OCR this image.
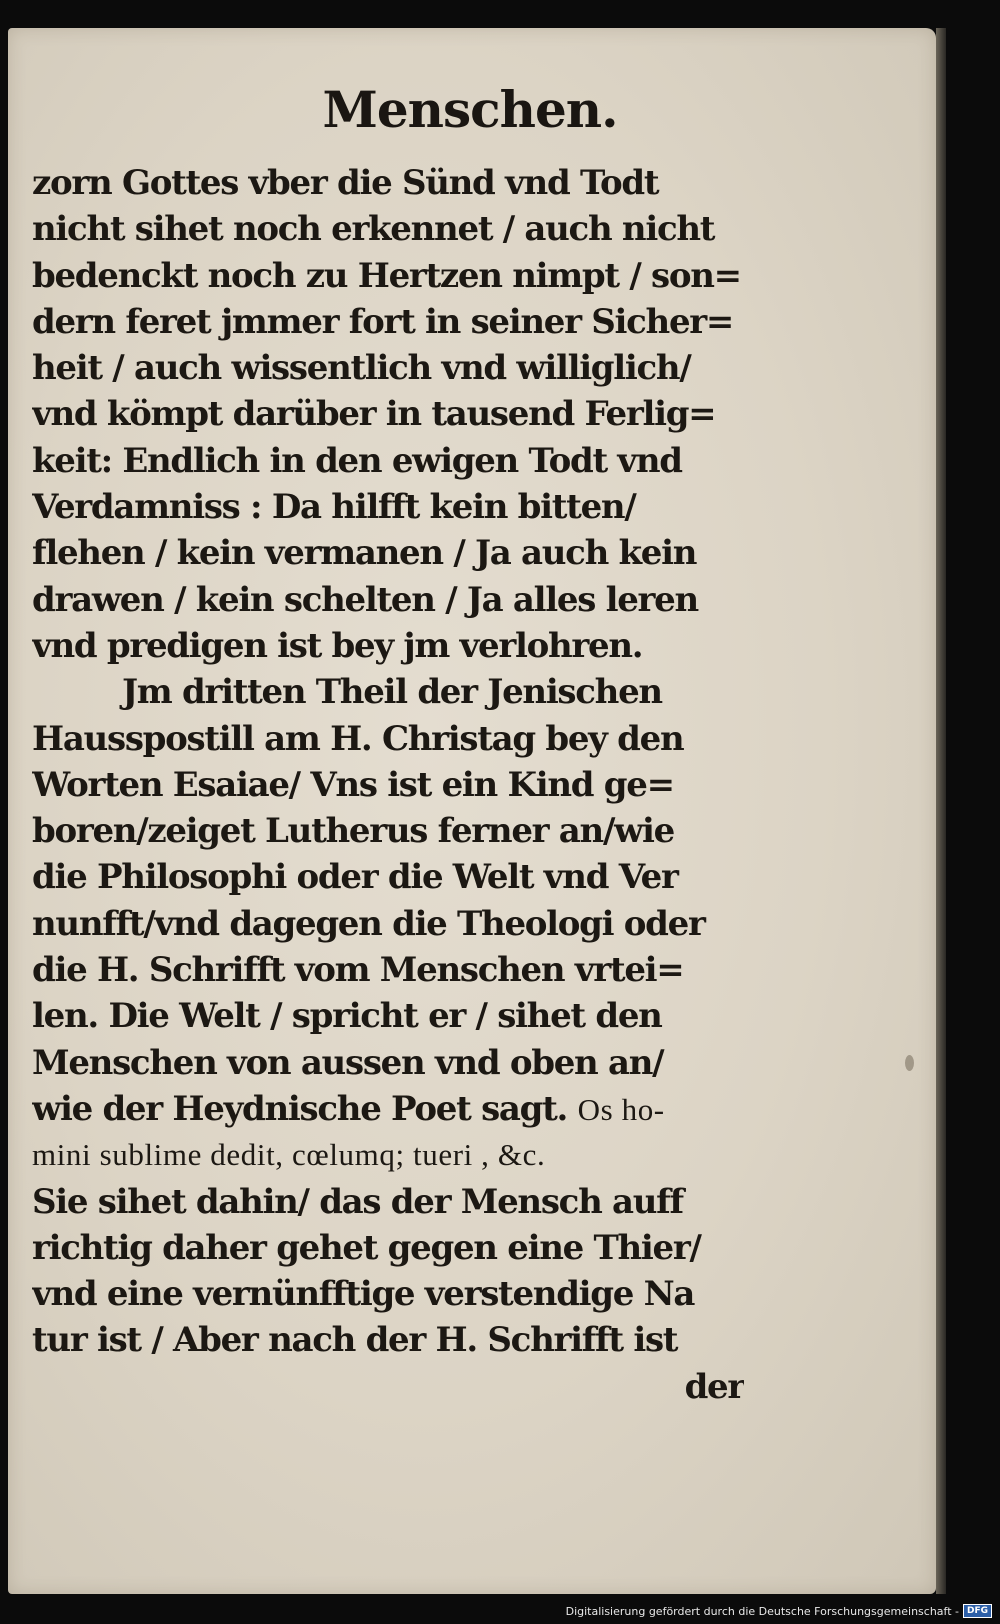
Menschen.
zorn Gottes vber die Sünd vnd Todt
nicht sihet noch erkennet / auch nicht
bedenckt noch zu Hertzen nimpt / son=
dern feret jmmer fort in seiner Sicher=
heit / auch wissentlich vnd williglich/
vnd kömpt darüber in tausend Ferlig=
keit: Endlich in den ewigen Todt vnd
Verdamniss : Da hilfft kein bitten/
flehen / kein vermanen / Ja auch kein
drawen / kein schelten / Ja alles leren
vnd predigen ist bey jm verlohren.
Jm dritten Theil der Jenischen
Hausspostill am H. Christag bey den
Worten Esaiae/ Vns ist ein Kind ge=
boren/zeiget Lutherus ferner an/wie
die Philosophi oder die Welt vnd Ver
nunfft/vnd dagegen die Theologi oder
die H. Schrifft vom Menschen vrtei=
len. Die Welt / spricht er / sihet den
Menschen von aussen vnd oben an/
wie der Heydnische Poet sagt. Os ho-
mini sublime dedit, cœlumq; tueri , &c.
Sie sihet dahin/ das der Mensch auff
richtig daher gehet gegen eine Thier/
vnd eine vernünfftige verstendige Na
tur ist / Aber nach der H. Schrifft ist
der
Digitalisierung gefördert durch die Deutsche Forschungsgemeinschaft - DFG
